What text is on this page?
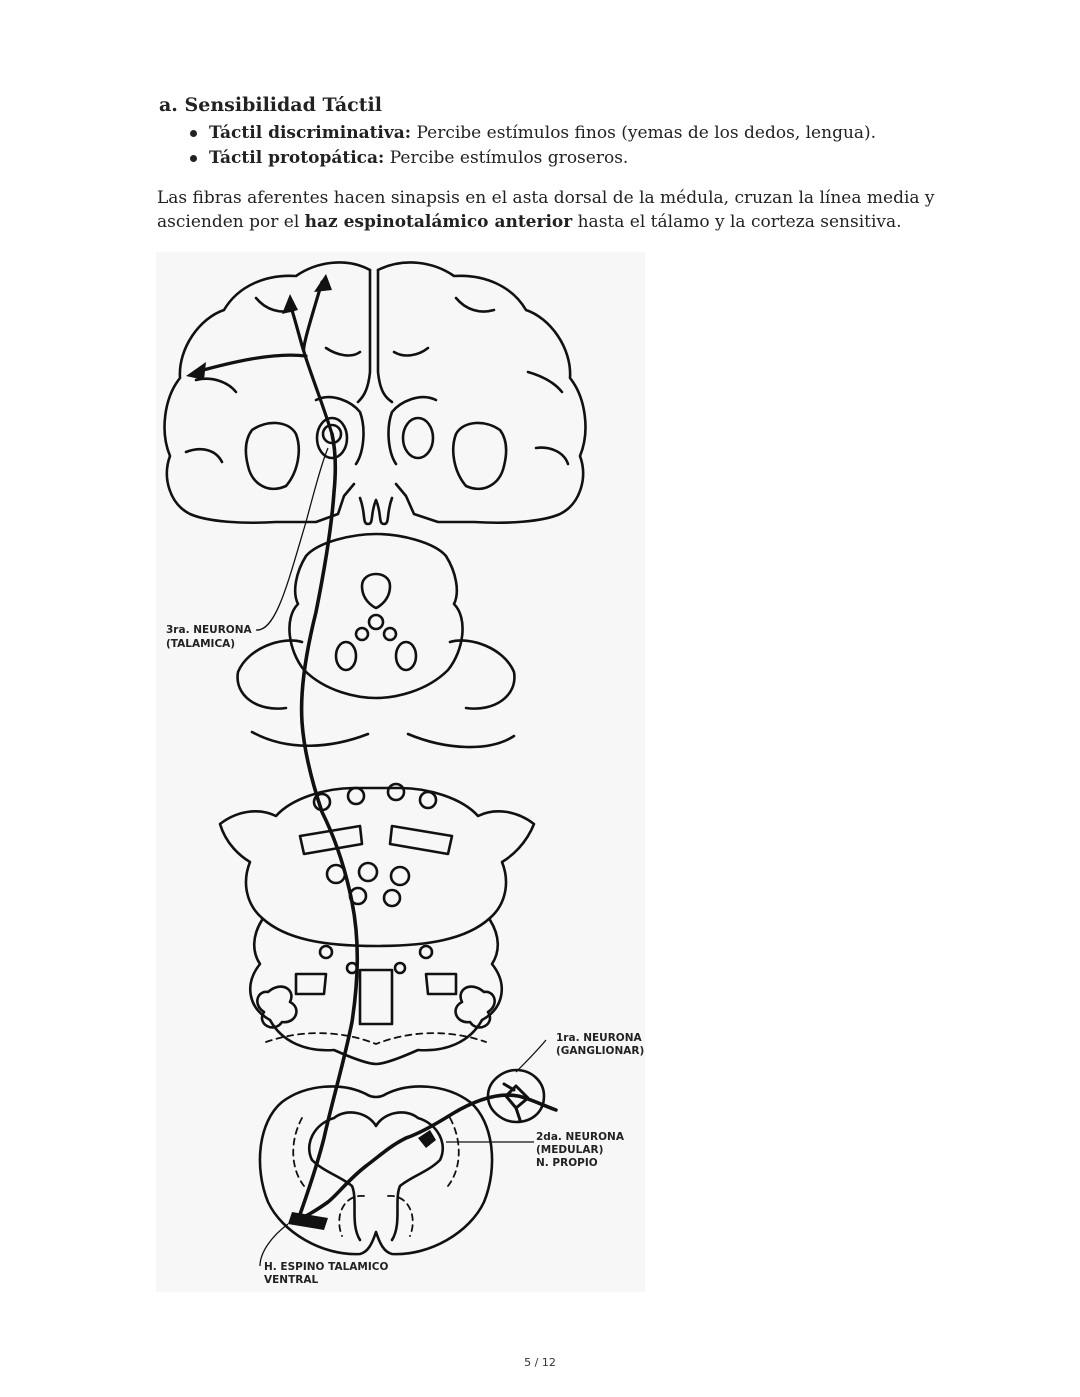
a. Sensibilidad Táctil
Táctil discriminativa: Percibe estímulos finos (yemas de los dedos, lengua).
Táctil protopática: Percibe estímulos groseros.

Las fibras aferentes hacen sinapsis en el asta dorsal de la médula, cruzan la línea media y ascienden por el haz espinotalámico anterior hasta el tálamo y la corteza sensitiva.

3ra. NEURONA
(TALAMICA)
1ra. NEURONA
(GANGLIONAR)
2da. NEURONA
(MEDULAR)
N. PROPIO
H. ESPINO TALAMICO
VENTRAL
5 / 12
